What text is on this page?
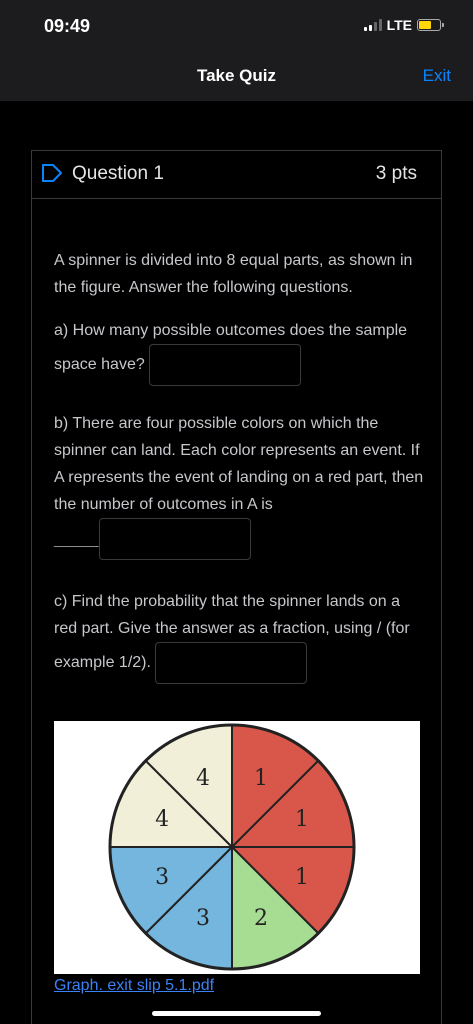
09:49	LTE
Take Quiz	Exit
Question 1	3 pts

A spinner is divided into 8 equal parts, as shown in the figure. Answer the following questions.

a) How many possible outcomes does the sample space have?

b) There are four possible colors on which the spinner can land. Each color represents an event. If A represents the event of landing on a red part, then the number of outcomes in A is
_____

c) Find the probability that the spinner lands on a red part. Give the answer as a fraction, using / (for example 1/2).

1
1
1
2
3
3
4
4
Graph. exit slip 5.1.pdf
